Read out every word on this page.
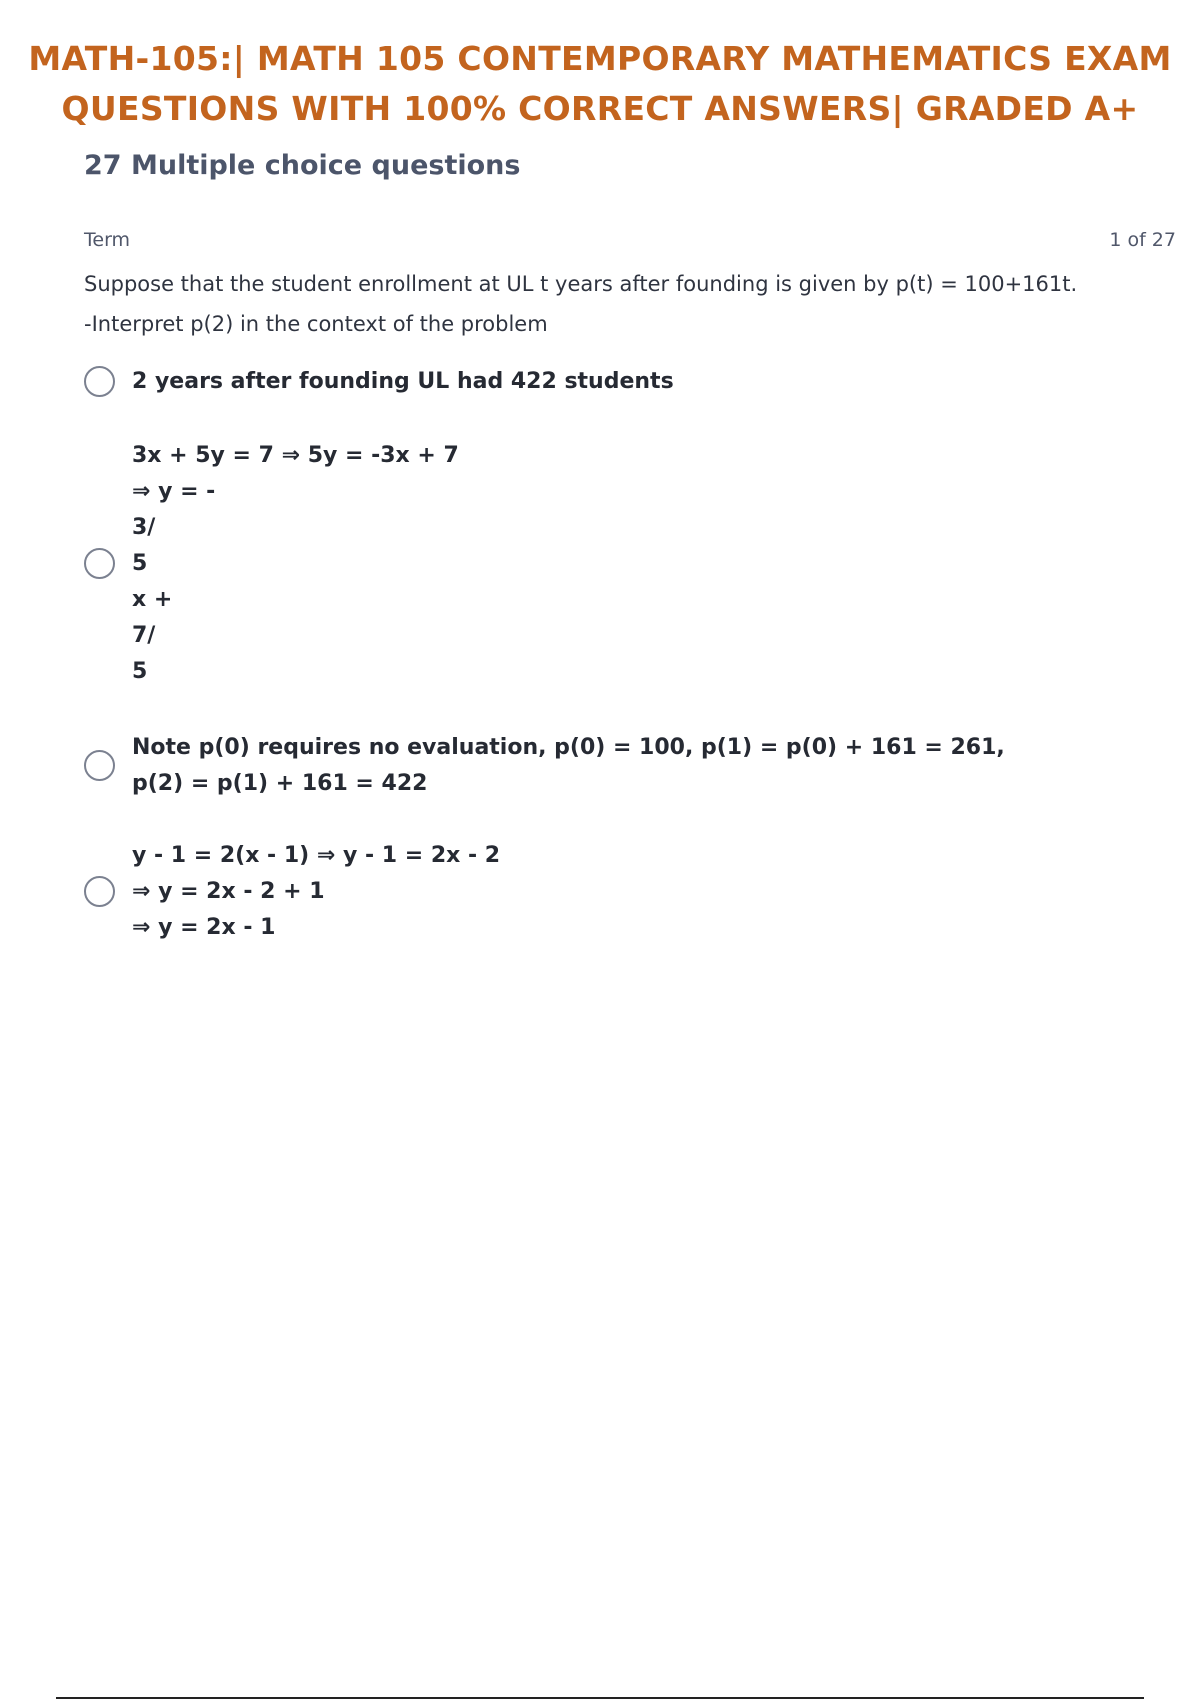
MATH-105:| MATH 105 CONTEMPORARY MATHEMATICS EXAM
QUESTIONS WITH 100% CORRECT ANSWERS| GRADED A+
27 Multiple choice questions
Term	1 of 27
Suppose that the student enrollment at UL t years after founding is given by p(t) = 100+161t.
-Interpret p(2) in the context of the problem
2 years after founding UL had 422 students
3x + 5y = 7 ⇒ 5y = -3x + 7
⇒ y = -
3/
5
x +
7/
5
Note p(0) requires no evaluation, p(0) = 100, p(1) = p(0) + 161 = 261,
p(2) = p(1) + 161 = 422
y - 1 = 2(x - 1) ⇒ y - 1 = 2x - 2
⇒ y = 2x - 2 + 1
⇒ y = 2x - 1
